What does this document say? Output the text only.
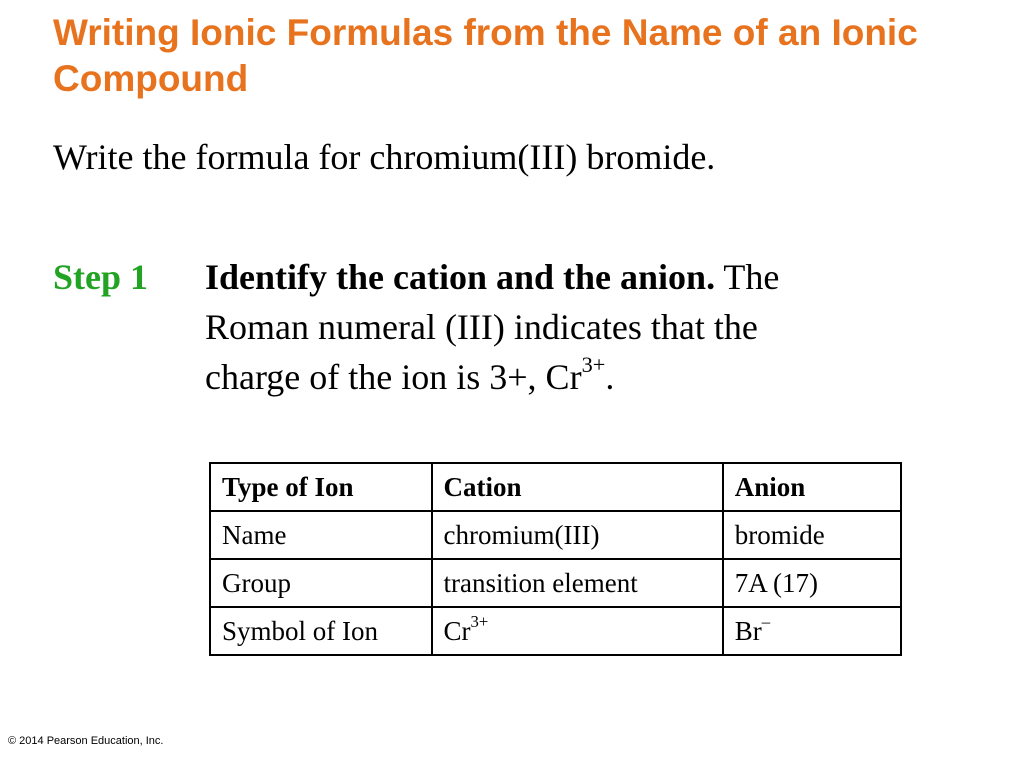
Writing Ionic Formulas from the Name of an Ionic Compound

Write the formula for chromium(III) bromide.

Step 1 Identify the cation and the anion. The
Roman numeral (III) indicates that the
charge of the ion is 3+, $Cr^{3+}$.

Type of Ion	Cation	Anion
Name	chromium(III)	bromide
Group	transition element	7A (17)
Symbol of Ion	$Cr^{3+}$	Br–
© 2014 Pearson Education, Inc.
